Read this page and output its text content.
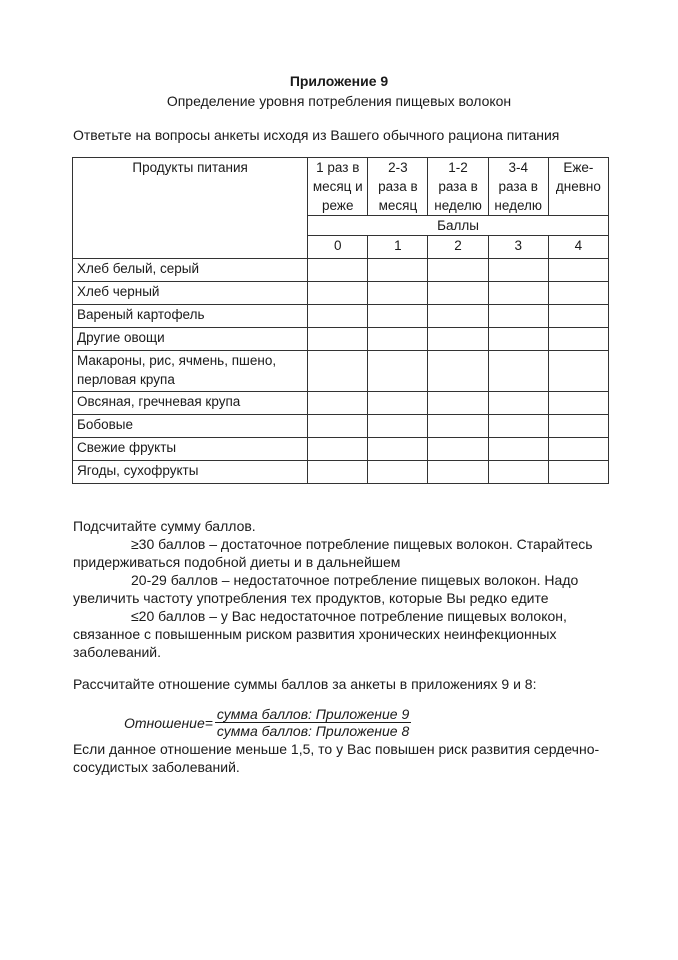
Приложение 9
Определение уровня потребления пищевых волокон
Ответьте на вопросы анкеты исходя из Вашего обычного рациона питания
Продукты питания	1 раз в месяц и реже	2-3 раза в месяц	1-2 раза в неделю	3-4 раза в неделю	Еже-дневно
	Баллы				
	0	1	2	3	4
Хлеб белый, серый					
Хлеб черный					
Вареный картофель					
Другие овощи					
Макароны, рис, ячмень, пшено, перловая крупа					
Овсяная, гречневая крупа					
Бобовые					
Свежие фрукты					
Ягоды, сухофрукты					

Подсчитайте сумму баллов.

≥30 баллов – достаточное потребление пищевых волокон. Старайтесь придерживаться подобной диеты и в дальнейшем

20-29 баллов – недостаточное потребление пищевых волокон. Надо увеличить частоту употребления тех продуктов, которые Вы редко едите

≤20 баллов – у Вас недостаточное потребление пищевых волокон, связанное с повышенным риском развития хронических неинфекционных заболеваний.

Рассчитайте отношение суммы баллов за анкеты в приложениях 9 и 8:
Отношение= $\frac{\text{сумма баллов: Приложение 9}}{\text{сумма баллов: Приложение 8}}$
Если данное отношение меньше 1,5, то у Вас повышен риск развития сердечно-сосудистых заболеваний.
